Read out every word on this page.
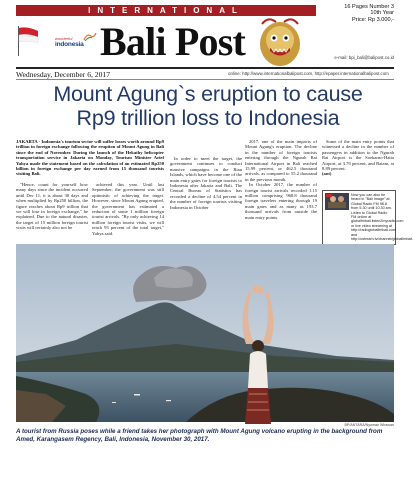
INTERNATIONAL
wonderful
indonesia Bali Post
16 Pages Number 3
10th Year
Price: Rp 3.000,-
e-mail: bpi_bali@balipost.co.id
Wednesday, December 6, 2017	online: http://www.internationalbalipost.com, http://epaper.internationalbalipost.com
Mount Agung`s eruption to cause
Rp9 trillion loss to Indonesia
JAKARTA - Indonesia's tourism sector will suffer losses worth around Rp9 trillion in foreign exchange following the eruption of Mount Agung in Bali since the end of November. During the launch of the Hekathy helicopter transportation service in Jakarta on Monday, Tourism Minister Arief Yahya made the statement based on the calculation of an estimated Rp250 billion in foreign exchange per day earned from 15 thousand tourists visiting Bali.

"Hence, count for yourself how many days since the incident occurred until Dec 11, it is about 30 days and when multiplied by Rp250 billion, the figure reaches about Rp9 trillion that we will lose in foreign exchange," he explained. Due to the natural disaster, the target of 15 million foreign tourist visits will certainly also not be

achieved this year. Until last September, the government was still optimistic of achieving the target. However, since Mount Agung erupted, the government has estimated a reduction of some 1 million foreign tourist arrivals. "By only achieving 14 million foreign tourist visits, we will reach 93 percent of the total target," Yahya said.

In order to meet the target, the government continues to conduct massive campaigns in the Riau Islands, which have become one of the main entry gates for foreign tourists to Indonesia after Jakarta and Bali. The Central Bureau of Statistics has recorded a decline of 4.54 percent in the number of foreign tourists visiting Indonesia in October

2017, one of the main impacts of Mount Agung's eruption. The decline in the number of foreign tourists entering through the Ngurah Rai International Airport in Bali reached 15.99 percent, or 462.5 thousand arrivals, as compared to 55.2 thousand in the previous month.

In October 2017, the number of foreign tourist arrivals recorded 1.15 million comprising 968.8 thousand foreign travelers entering through 19 main gates and as many as 193.7 thousand arrivals from outside the main entry points.

Some of the main entry points that witnessed a decline in the number of passengers in addition to the Ngurah Rai Airport is the Soekarno-Hatta Airport, at 3.70 percent, and Batam, at 8.89 percent.

(ant)

Now you can also be heard in "Bali Image" at Global Radio FM 98.8 from 5.30 until 10.30 am. Listen to Global Radio FM online at globalfmbali.listen2myradio.com or live video streaming at http://radioglobalfmbali.com and http://ustream.tv/channel/globalfmbali.
BP/ANTARA/Nyoman Wirawan
A tourist from Russia poses while a friend takes her photograph with Mount Agung volcano erupting in the background from Amed, Karangasem Regency, Bali, Indonesia, November 30, 2017.
